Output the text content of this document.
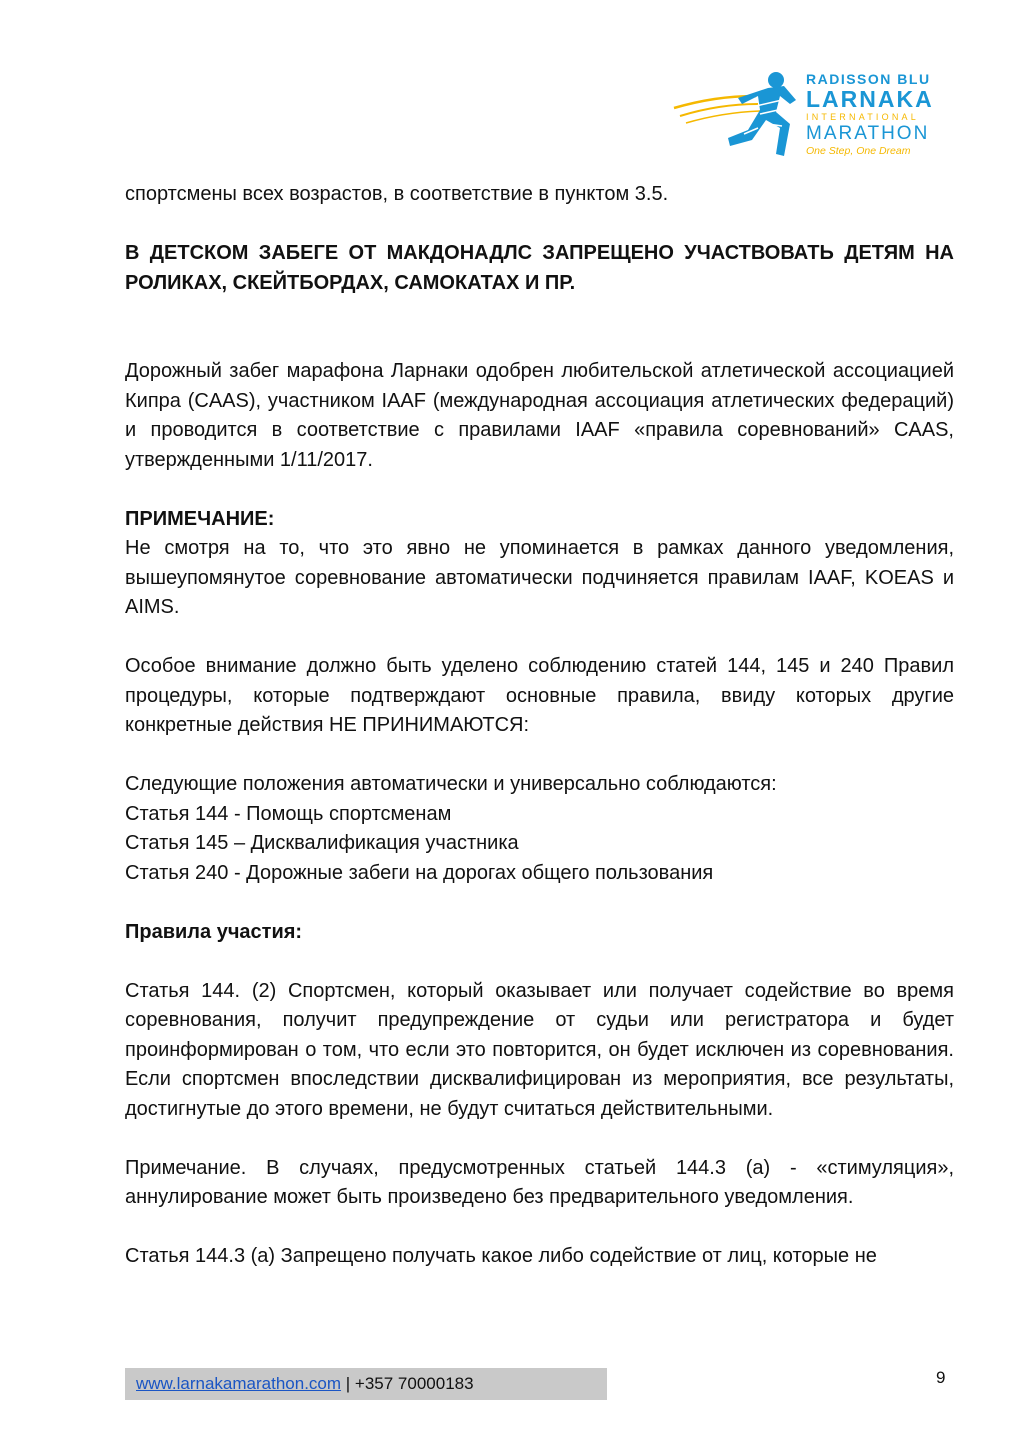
RADISSON BLU
LARNAKA
INTERNATIONAL
MARATHON
One Step, One Dream

спортсмены всех возрастов, в соответствие в пунктом 3.5.

В ДЕТСКОМ ЗАБЕГЕ ОТ МАКДОНАДЛС ЗАПРЕЩЕНО УЧАСТВОВАТЬ ДЕТЯМ НА РОЛИКАХ, СКЕЙТБОРДАХ, САМОКАТАХ И ПР.

Дорожный забег марафона Ларнаки одобрен любительской атлетической ассоциацией Кипра (CAAS), участником IAAF (международная ассоциация атлетических федераций) и проводится в соответствие с правилами IAAF «правила соревнований» CAAS, утвержденными 1/11/2017.

ПРИМЕЧАНИЕ:

Не смотря на то, что это явно не упоминается в рамках данного уведомления, вышеупомянутое соревнование автоматически подчиняется правилам IAAF, KOEAS и AIMS.

Особое внимание должно быть уделено соблюдению статей 144, 145 и 240 Правил процедуры, которые подтверждают основные правила, ввиду которых другие конкретные действия НЕ ПРИНИМАЮТСЯ:

Следующие положения автоматически и универсально соблюдаются:

Статья 144 - Помощь спортсменам

Статья 145 – Дисквалификация участника

Статья 240 - Дорожные забеги на дорогах общего пользования

Правила участия:

Статья 144. (2) Спортсмен, который оказывает или получает содействие во время соревнования, получит предупреждение от судьи или регистратора и будет проинформирован о том, что если это повторится, он будет исключен из соревнования. Если спортсмен впоследствии дисквалифицирован из мероприятия, все результаты, достигнутые до этого времени, не будут считаться действительными.

Примечание. В случаях, предусмотренных статьей 144.3 (a) - «стимуляция», аннулирование может быть произведено без предварительного уведомления.

Статья 144.3 (a) Запрещено получать какое либо содействие от лиц, которые не

www.larnakamarathon.com | +357 70000183	9
